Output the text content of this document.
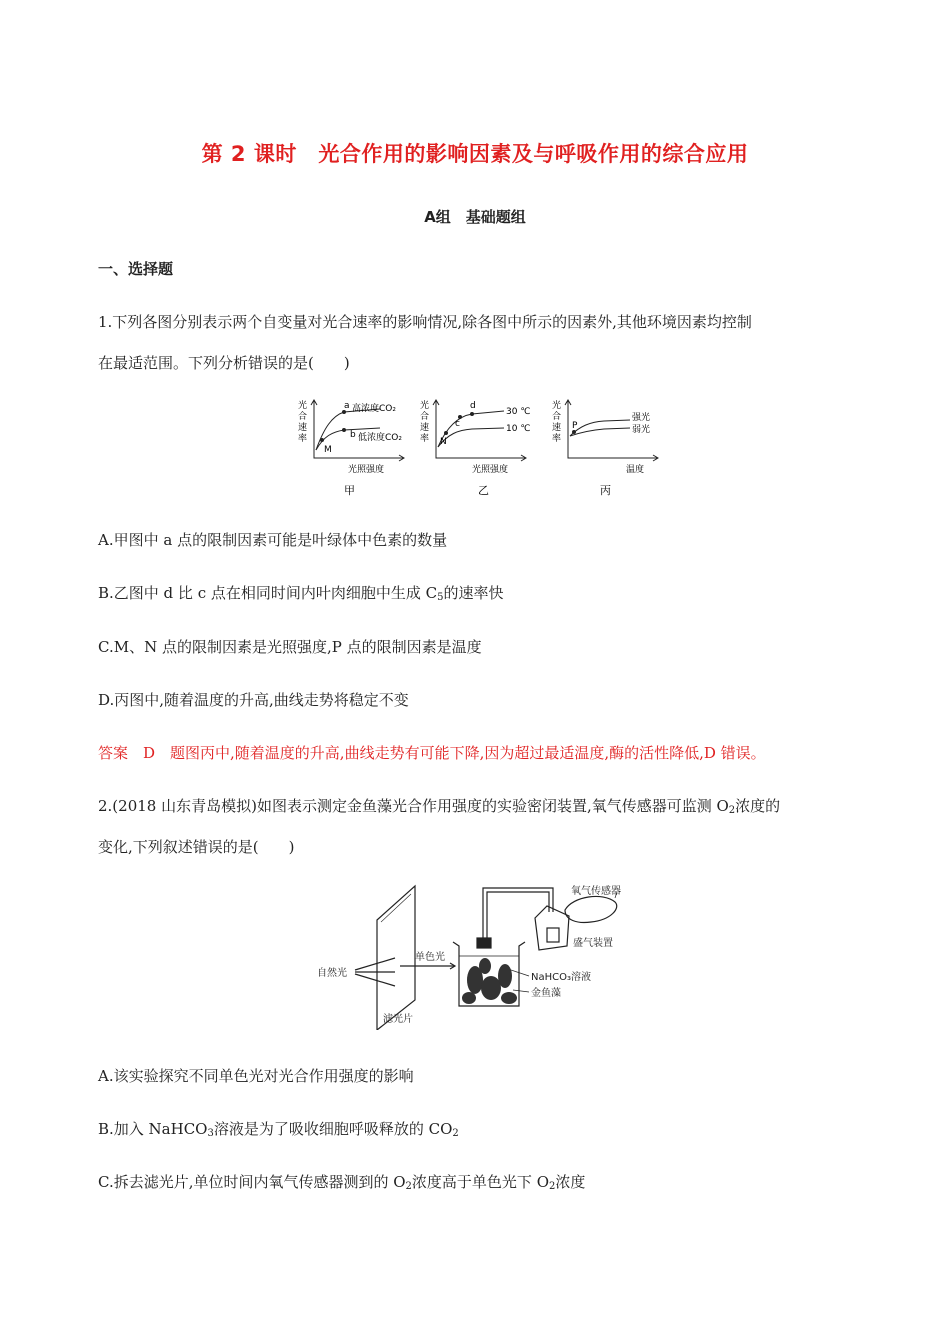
第 2 课时　光合作用的影响因素及与呼吸作用的综合应用
A组　基础题组
一、选择题
1.下列各图分别表示两个自变量对光合速率的影响情况,除各图中所示的因素外,其他环境因素均控制
在最适范围。下列分析错误的是(　　)
光
合
速
率
a 高浓度CO₂
b 低浓度CO₂
M
光照强度
甲
光
合
速
率
c
d
N
30 ℃
10 ℃
光照强度
乙
光
合
速
率
P
强光
弱光
温度
丙
A.甲图中 a 点的限制因素可能是叶绿体中色素的数量
B.乙图中 d 比 c 点在相同时间内叶肉细胞中生成 $C_5$的速率快
C.M、N 点的限制因素是光照强度,P 点的限制因素是温度
D.丙图中,随着温度的升高,曲线走势将稳定不变
答案　D　题图丙中,随着温度的升高,曲线走势有可能下降,因为超过最适温度,酶的活性降低,D 错误。
2.(2018 山东青岛模拟)如图表示测定金鱼藻光合作用强度的实验密闭装置,氧气传感器可监测 $O_2$浓度的
变化,下列叙述错误的是(　　)
自然光
滤光片
单色光
NaHCO₃溶液
金鱼藻
氧气传感器
盛气装置
A.该实验探究不同单色光对光合作用强度的影响
B.加入 NaHCO$_3$溶液是为了吸收细胞呼吸释放的 $CO_2$
C.拆去滤光片,单位时间内氧气传感器测到的 $O_2$浓度高于单色光下 $O_2$浓度
